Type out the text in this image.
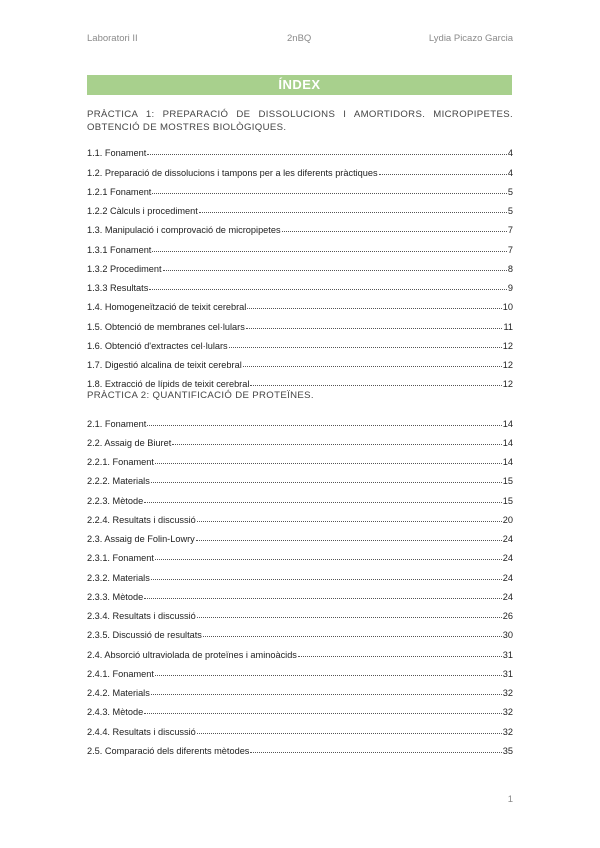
Laboratori II	2nBQ	Lydia Picazo Garcia
ÍNDEX
PRÀCTICA 1: PREPARACIÓ DE DISSOLUCIONS I AMORTIDORS. MICROPIPETES. OBTENCIÓ DE MOSTRES BIOLÒGIQUES.
1.1. Fonament	4
1.2. Preparació de dissolucions i tampons per a les diferents pràctiques	4
1.2.1 Fonament	5
1.2.2 Càlculs i procediment	5
1.3. Manipulació i comprovació de micropipetes	7
1.3.1 Fonament	7
1.3.2 Procediment	8
1.3.3 Resultats	9
1.4. Homogeneïtzació de teixit cerebral	10
1.5. Obtenció de membranes cel·lulars	11
1.6. Obtenció d'extractes cel·lulars	12
1.7. Digestió alcalina de teixit cerebral	12
1.8. Extracció de lípids de teixit cerebral	12
PRÀCTICA 2: QUANTIFICACIÓ DE PROTEÏNES.
2.1. Fonament	14
2.2. Assaig de Biuret	14
2.2.1. Fonament	14
2.2.2. Materials	15
2.2.3. Mètode	15
2.2.4. Resultats i discussió	20
2.3. Assaig de Folin-Lowry	24
2.3.1. Fonament	24
2.3.2. Materials	24
2.3.3. Mètode	24
2.3.4. Resultats i discussió	26
2.3.5. Discussió de resultats	30
2.4. Absorció ultraviolada de proteïnes i aminoàcids	31
2.4.1. Fonament	31
2.4.2. Materials	32
2.4.3. Mètode	32
2.4.4. Resultats i discussió	32
2.5. Comparació dels diferents mètodes	35
1
